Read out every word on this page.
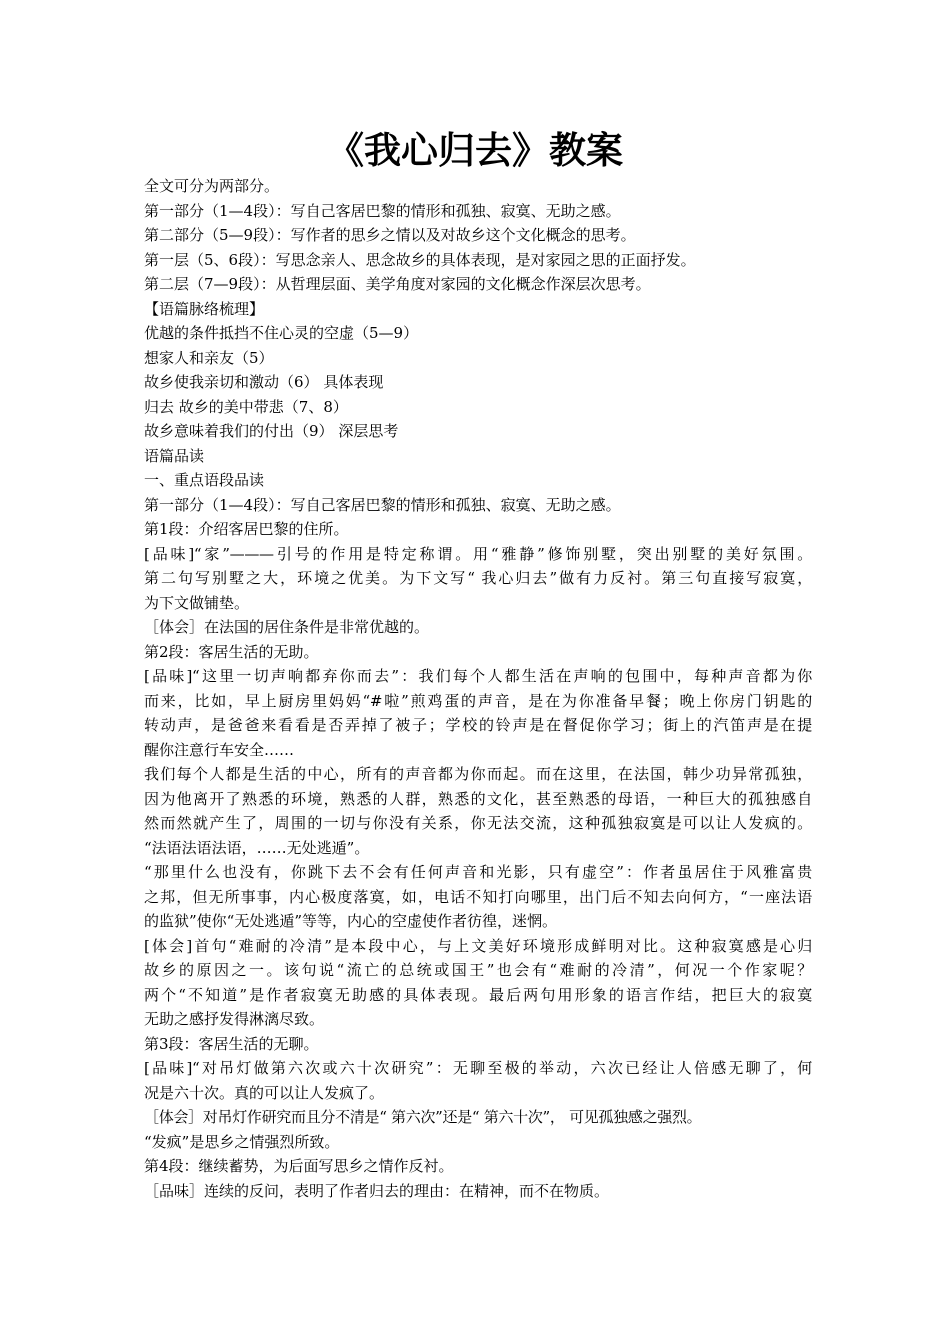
《我心归去》教案
全文可分为两部分。
第一部分（1—4段）：写自己客居巴黎的情形和孤独、寂寞、无助之感。
第二部分（5—9段）：写作者的思乡之情以及对故乡这个文化概念的思考。
第一层（5、6段）：写思念亲人、思念故乡的具体表现，是对家园之思的正面抒发。
第二层（7—9段）：从哲理层面、美学角度对家园的文化概念作深层次思考。
【语篇脉络梳理】
优越的条件抵挡不住心灵的空虚（5—9）
想家人和亲友（5）
故乡使我亲切和激动（6） 具体表现
归去 故乡的美中带悲（7、8）
故乡意味着我们的付出（9） 深层思考
语篇品读
一、重点语段品读
第一部分（1—4段）：写自己客居巴黎的情形和孤独、寂寞、无助之感。
第1段：介绍客居巴黎的住所。
[品味]“家”———引号的作用是特定称谓。用“雅静”修饰别墅，突出别墅的美好氛围。
第二句写别墅之大，环境之优美。为下文写“ 我心归去”做有力反衬。第三句直接写寂寞，
为下文做铺垫。
［体会］在法国的居住条件是非常优越的。
第2段：客居生活的无助。
[品味]“这里一切声响都弃你而去”：我们每个人都生活在声响的包围中，每种声音都为你
而来，比如，早上厨房里妈妈“#啦”煎鸡蛋的声音，是在为你准备早餐；晚上你房门钥匙的
转动声，是爸爸来看看是否弄掉了被子；学校的铃声是在督促你学习；街上的汽笛声是在提
醒你注意行车安全……
我们每个人都是生活的中心，所有的声音都为你而起。而在这里，在法国，韩少功异常孤独，
因为他离开了熟悉的环境，熟悉的人群，熟悉的文化，甚至熟悉的母语，一种巨大的孤独感自
然而然就产生了，周围的一切与你没有关系，你无法交流，这种孤独寂寞是可以让人发疯的。
“法语法语法语，……无处逃遁”。
“那里什么也没有，你跳下去不会有任何声音和光影，只有虚空”：作者虽居住于风雅富贵
之邦，但无所事事，内心极度落寞，如，电话不知打向哪里，出门后不知去向何方，“一座法语
的监狱”使你“无处逃遁”等等，内心的空虚使作者彷徨，迷惘。
[体会]首句“难耐的冷清”是本段中心，与上文美好环境形成鲜明对比。这种寂寞感是心归
故乡的原因之一。该句说“流亡的总统或国王”也会有“难耐的冷清”，何况一个作家呢？
两个“不知道”是作者寂寞无助感的具体表现。最后两句用形象的语言作结，把巨大的寂寞
无助之感抒发得淋漓尽致。
第3段：客居生活的无聊。
[品味]“对吊灯做第六次或六十次研究”：无聊至极的举动，六次已经让人倍感无聊了，何
况是六十次。真的可以让人发疯了。
［体会］对吊灯作研究而且分不清是“ 第六次”还是“ 第六十次”， 可见孤独感之强烈。
“发疯”是思乡之情强烈所致。
第4段：继续蓄势，为后面写思乡之情作反衬。
［品味］连续的反问，表明了作者归去的理由：在精神，而不在物质。
